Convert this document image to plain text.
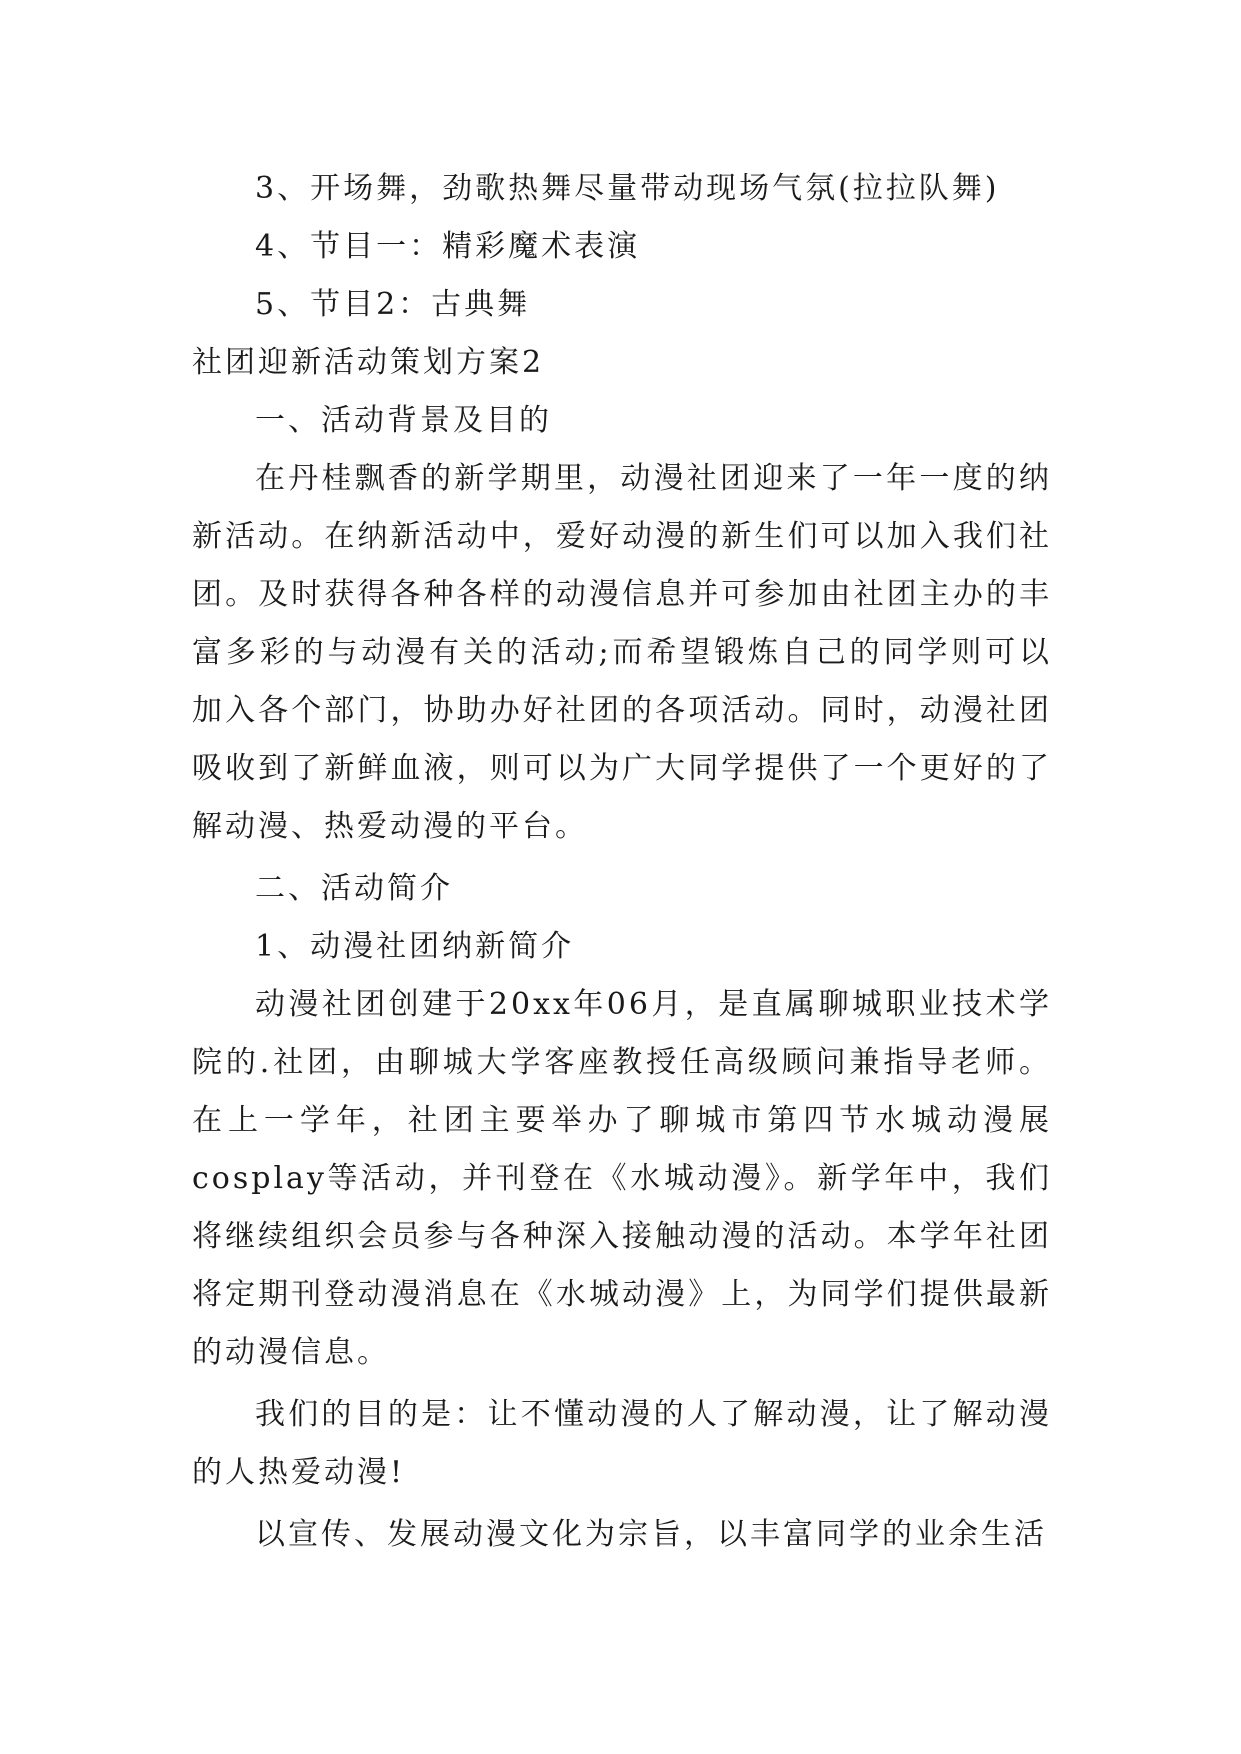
3、开场舞，劲歌热舞尽量带动现场气氛(拉拉队舞)
4、节目一：精彩魔术表演
5、节目2：古典舞
社团迎新活动策划方案2
一、活动背景及目的

在丹桂飘香的新学期里，动漫社团迎来了一年一度的纳新活动。在纳新活动中，爱好动漫的新生们可以加入我们社团。及时获得各种各样的动漫信息并可参加由社团主办的丰富多彩的与动漫有关的活动;而希望锻炼自己的同学则可以加入各个部门，协助办好社团的各项活动。同时，动漫社团吸收到了新鲜血液，则可以为广大同学提供了一个更好的了解动漫、热爱动漫的平台。

二、活动简介
1、动漫社团纳新简介

动漫社团创建于20xx年06月，是直属聊城职业技术学院的.社团，由聊城大学客座教授任高级顾问兼指导老师。在上一学年，社团主要举办了聊城市第四节水城动漫展cosplay等活动，并刊登在《水城动漫》。新学年中，我们将继续组织会员参与各种深入接触动漫的活动。本学年社团将定期刊登动漫消息在《水城动漫》上，为同学们提供最新的动漫信息。

我们的目的是：让不懂动漫的人了解动漫，让了解动漫的人热爱动漫!

以宣传、发展动漫文化为宗旨，以丰富同学的业余生活
